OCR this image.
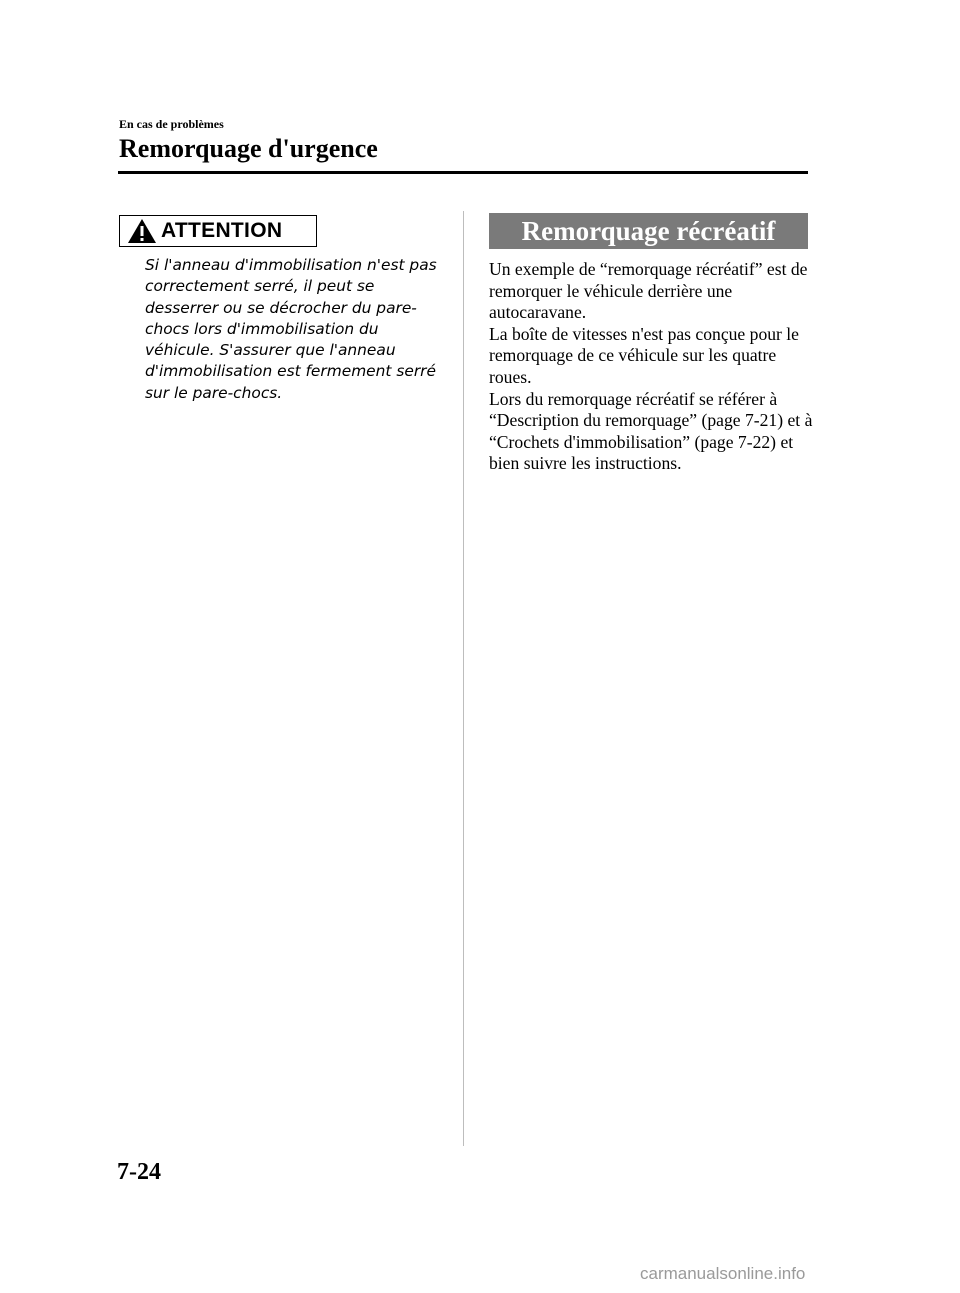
En cas de problèmes
Remorquage d'urgence
ATTENTION

Si l'anneau d'immobilisation n'est pas correctement serré, il peut se desserrer ou se décrocher du pare-chocs lors d'immobilisation du véhicule. S'assurer que l'anneau d'immobilisation est fermement serré sur le pare-chocs.

Remorquage récréatif
Un exemple de “remorquage récréatif” est de remorquer le véhicule derrière une autocaravane.
La boîte de vitesses n'est pas conçue pour le remorquage de ce véhicule sur les quatre roues.
Lors du remorquage récréatif se référer à “Description du remorquage” (page 7-21) et à “Crochets d'immobilisation” (page 7-22) et bien suivre les instructions.
7-24
carmanualsonline.info
